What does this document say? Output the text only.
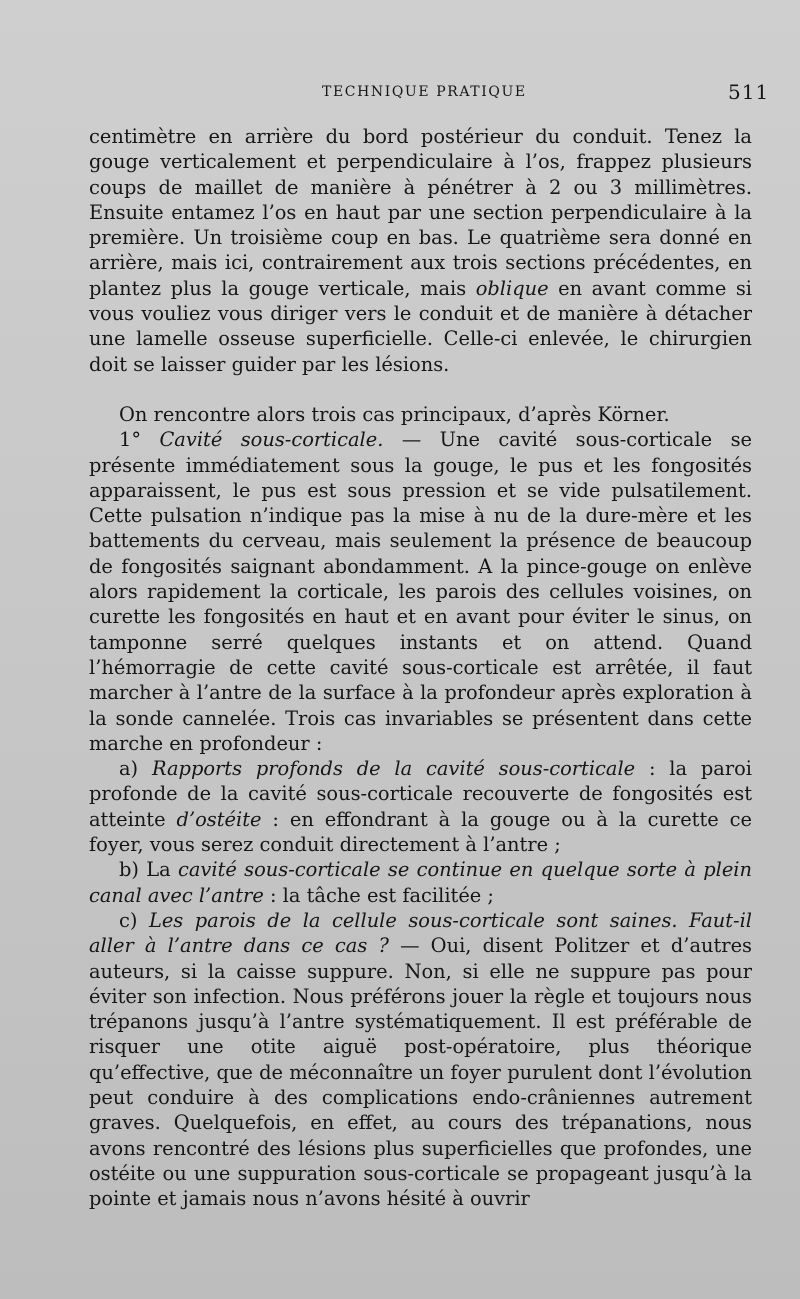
TECHNIQUE PRATIQUE	511

centimètre en arrière du bord postérieur du conduit. Tenez la gouge verticalement et perpendiculaire à l’os, frappez plusieurs coups de maillet de manière à pénétrer à 2 ou 3 millimètres. Ensuite entamez l’os en haut par une section perpendiculaire à la première. Un troisième coup en bas. Le quatrième sera donné en arrière, mais ici, contrairement aux trois sections précédentes, en plantez plus la gouge verticale, mais oblique en avant comme si vous vouliez vous diriger vers le conduit et de manière à détacher une lamelle osseuse superficielle. Celle-ci enlevée, le chirurgien doit se laisser guider par les lésions.

On rencontre alors trois cas principaux, d’après Körner.

1° Cavité sous-corticale. — Une cavité sous-corticale se présente immédiatement sous la gouge, le pus et les fongosités apparaissent, le pus est sous pression et se vide pulsatilement. Cette pulsation n’indique pas la mise à nu de la dure-mère et les battements du cerveau, mais seulement la présence de beaucoup de fongosités saignant abondamment. A la pince-gouge on enlève alors rapidement la corticale, les parois des cellules voisines, on curette les fongosités en haut et en avant pour éviter le sinus, on tamponne serré quelques instants et on attend. Quand l’hémorragie de cette cavité sous-corticale est arrêtée, il faut marcher à l’antre de la surface à la profondeur après exploration à la sonde cannelée. Trois cas invariables se présentent dans cette marche en profondeur :

a) Rapports profonds de la cavité sous-corticale : la paroi profonde de la cavité sous-corticale recouverte de fongosités est atteinte d’ostéite : en effondrant à la gouge ou à la curette ce foyer, vous serez conduit directement à l’antre ;

b) La cavité sous-corticale se continue en quelque sorte à plein canal avec l’antre : la tâche est facilitée ;

c) Les parois de la cellule sous-corticale sont saines. Faut-il aller à l’antre dans ce cas ? — Oui, disent Politzer et d’autres auteurs, si la caisse suppure. Non, si elle ne suppure pas pour éviter son infection. Nous préférons jouer la règle et toujours nous trépanons jusqu’à l’antre systématiquement. Il est préférable de risquer une otite aiguë post-opératoire, plus théorique qu’effective, que de méconnaître un foyer purulent dont l’évolution peut conduire à des complications endo-crâniennes autrement graves. Quelquefois, en effet, au cours des trépanations, nous avons rencontré des lésions plus superficielles que profondes, une ostéite ou une suppuration sous-corticale se propageant jusqu’à la pointe et jamais nous n’avons hésité à ouvrir
